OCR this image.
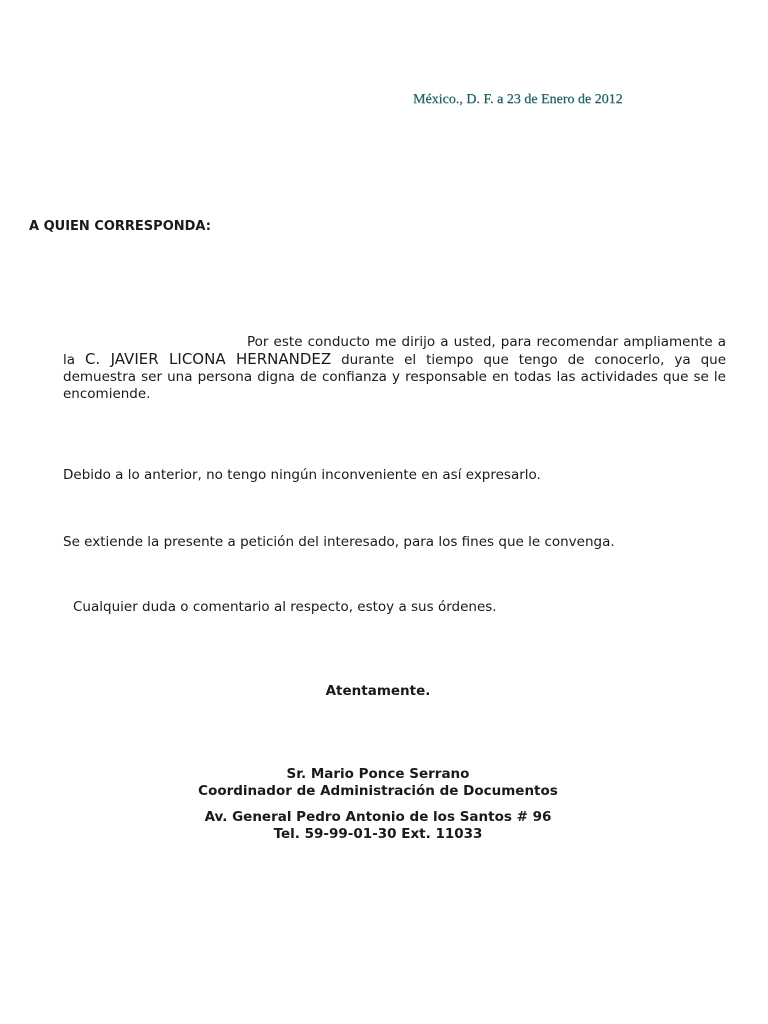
México., D. F. a 23 de Enero de 2012
A QUIEN CORRESPONDA:
Por este conducto me dirijo a usted, para recomendar ampliamente a la C. JAVIER LICONA HERNANDEZ durante el tiempo que tengo de conocerlo, ya que demuestra ser una persona digna de confianza y responsable en todas las actividades que se le encomiende.
Debido a lo anterior, no tengo ningún inconveniente en así expresarlo.
Se extiende la presente a petición del interesado, para los fines que le convenga.
Cualquier duda o comentario al respecto, estoy a sus órdenes.
Atentamente.
Sr. Mario Ponce Serrano
Coordinador de Administración de Documentos
Av. General Pedro Antonio de los Santos # 96
Tel. 59-99-01-30 Ext. 11033
